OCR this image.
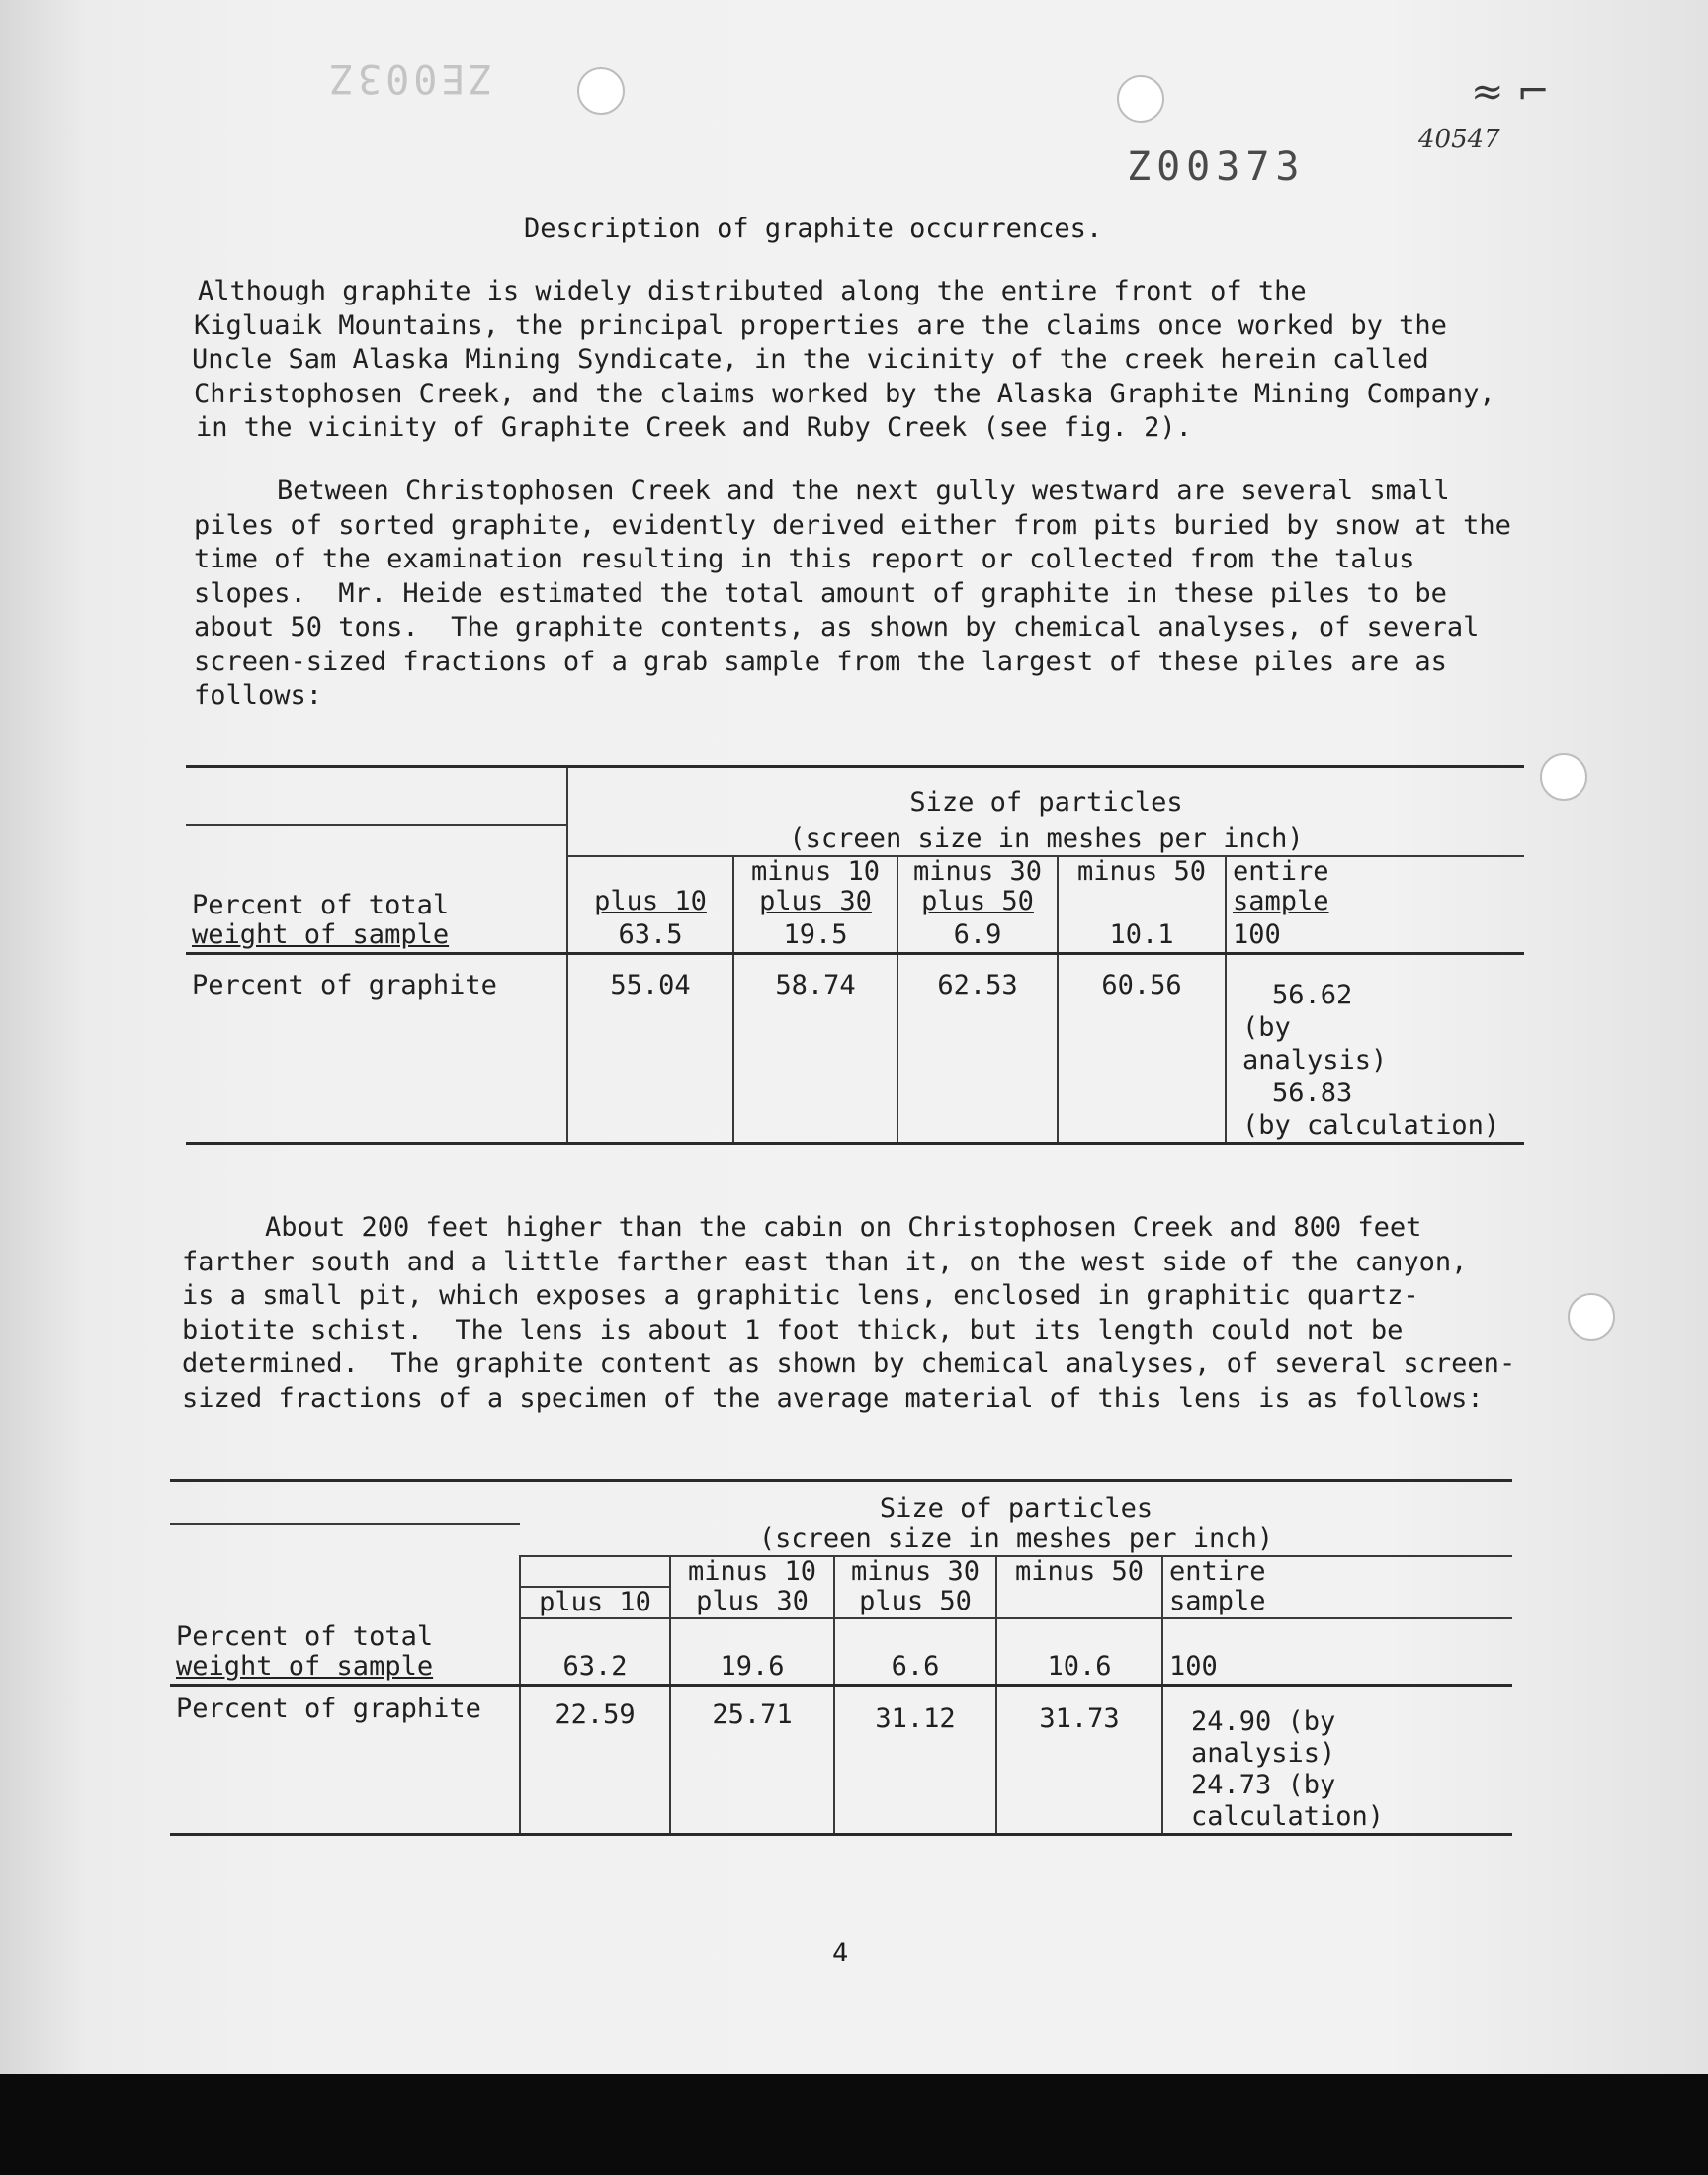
ZE003Z
Z00373
40547
≈ ⌐
Description of graphite occurrences.
Although graphite is widely distributed along the entire front of the
Kigluaik Mountains, the principal properties are the claims once worked by the
Uncle Sam Alaska Mining Syndicate, in the vicinity of the creek herein called
Christophosen Creek, and the claims worked by the Alaska Graphite Mining Company,
in the vicinity of Graphite Creek and Ruby Creek (see fig. 2).
Between Christophosen Creek and the next gully westward are several small
piles of sorted graphite, evidently derived either from pits buried by snow at the
time of the examination resulting in this report or collected from the talus
slopes.  Mr. Heide estimated the total amount of graphite in these piles to be
about 50 tons.  The graphite contents, as shown by chemical analyses, of several
screen-sized fractions of a grab sample from the largest of these piles are as
follows:
	Size of particles				
	(screen size in meshes per inch)				
		minus 10	minus 30	minus 50	entire
Percent of total	plus 10	plus 30	plus 50		sample
weight of sample	63.5	19.5	6.9	10.1	100
Percent of graphite	55.04	58.74	62.53	60.56	56.62
(by
analysis)
56.83
(by calculation)
About 200 feet higher than the cabin on Christophosen Creek and 800 feet
farther south and a little farther east than it, on the west side of the canyon,
is a small pit, which exposes a graphitic lens, enclosed in graphitic quartz-
biotite schist.  The lens is about 1 foot thick, but its length could not be
determined.  The graphite content as shown by chemical analyses, of several screen-
sized fractions of a specimen of the average material of this lens is as follows:
	Size of particles				
	(screen size in meshes per inch)				
		minus 10	minus 30	minus 50	entire
	plus 10	plus 30	plus 50		sample
Percent of total					
weight of sample	63.2	19.6	6.6	10.6	100
Percent of graphite	22.59	25.71	31.12	31.73	24.90 (by
analysis)
24.73 (by
calculation)
4
